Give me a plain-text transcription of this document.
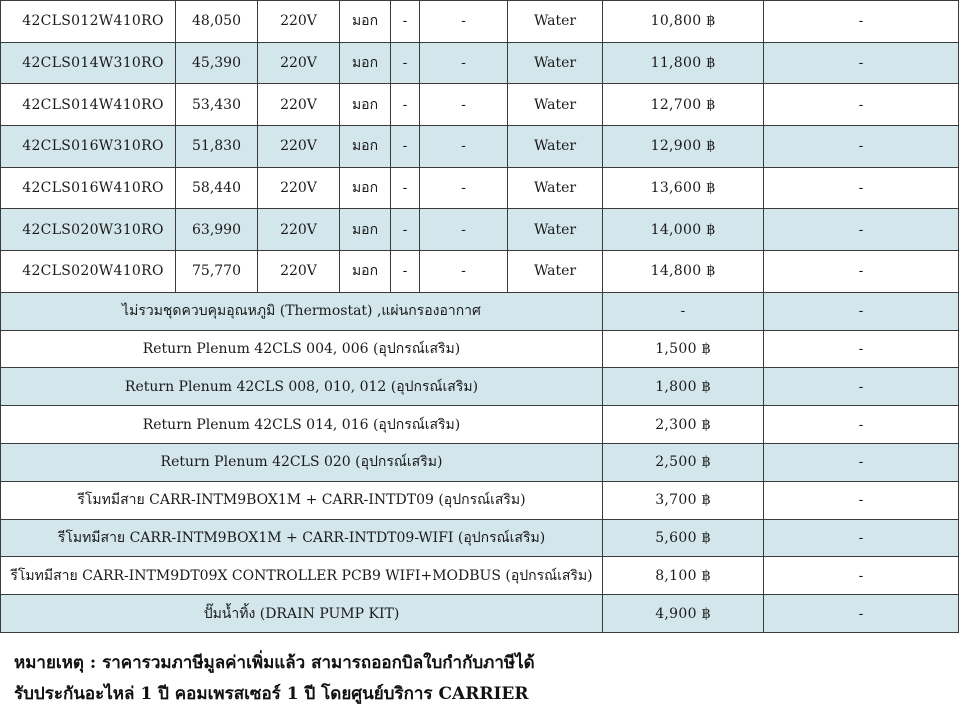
42CLS012W410RO	48,050	220V	มอก	-	-	Water	10,800 ฿	-
42CLS014W310RO	45,390	220V	มอก	-	-	Water	11,800 ฿	-
42CLS014W410RO	53,430	220V	มอก	-	-	Water	12,700 ฿	-
42CLS016W310RO	51,830	220V	มอก	-	-	Water	12,900 ฿	-
42CLS016W410RO	58,440	220V	มอก	-	-	Water	13,600 ฿	-
42CLS020W310RO	63,990	220V	มอก	-	-	Water	14,000 ฿	-
42CLS020W410RO	75,770	220V	มอก	-	-	Water	14,800 ฿	-
ไม่รวมชุดควบคุมอุณหภูมิ (Thermostat) ,แผ่นกรองอากาศ							-	-
Return Plenum 42CLS 004, 006 (อุปกรณ์เสริม)							1,500 ฿	-
Return Plenum 42CLS 008, 010, 012 (อุปกรณ์เสริม)							1,800 ฿	-
Return Plenum 42CLS 014, 016 (อุปกรณ์เสริม)							2,300 ฿	-
Return Plenum 42CLS 020 (อุปกรณ์เสริม)							2,500 ฿	-
รีโมทมีสาย CARR-INTM9BOX1M + CARR-INTDT09 (อุปกรณ์เสริม)							3,700 ฿	-
รีโมทมีสาย CARR-INTM9BOX1M + CARR-INTDT09-WIFI (อุปกรณ์เสริม)							5,600 ฿	-
รีโมทมีสาย CARR-INTM9DT09X CONTROLLER PCB9 WIFI+MODBUS (อุปกรณ์เสริม)							8,100 ฿	-
ปั๊มน้ำทิ้ง (DRAIN PUMP KIT)							4,900 ฿	-
หมายเหตุ : ราคารวมภาษีมูลค่าเพิ่มแล้ว สามารถออกบิลใบกำกับภาษีได้
รับประกันอะไหล่ 1 ปี คอมเพรสเซอร์ 1 ปี โดยศูนย์บริการ CARRIER
